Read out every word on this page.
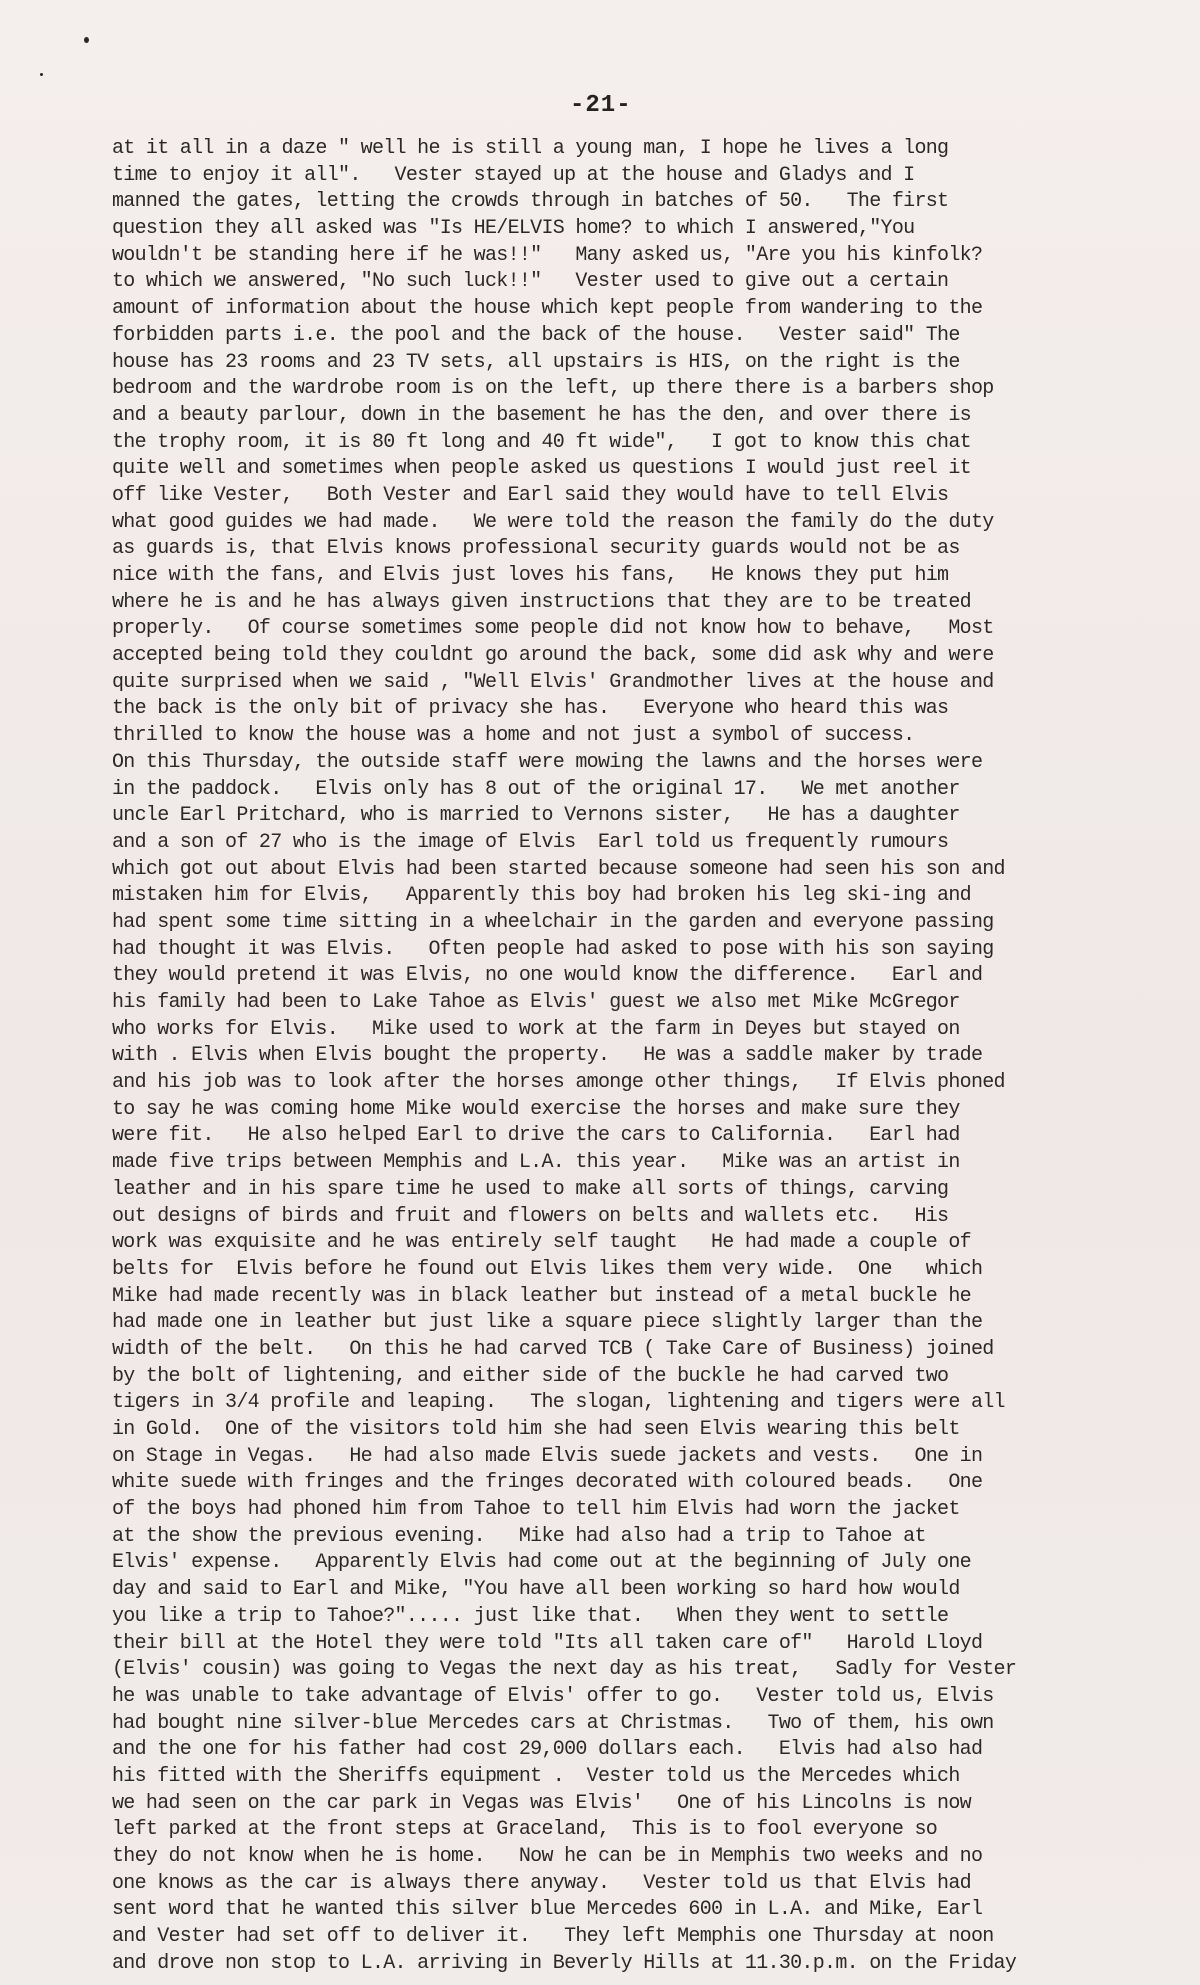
-21-
at it all in a daze " well he is still a young man, I hope he lives a long
time to enjoy it all".   Vester stayed up at the house and Gladys and I
manned the gates, letting the crowds through in batches of 50.   The first
question they all asked was "Is HE/ELVIS home? to which I answered,"You
wouldn't be standing here if he was!!"   Many asked us, "Are you his kinfolk?
to which we answered, "No such luck!!"   Vester used to give out a certain
amount of information about the house which kept people from wandering to the
forbidden parts i.e. the pool and the back of the house.   Vester said" The
house has 23 rooms and 23 TV sets, all upstairs is HIS, on the right is the
bedroom and the wardrobe room is on the left, up there there is a barbers shop
and a beauty parlour, down in the basement he has the den, and over there is
the trophy room, it is 80 ft long and 40 ft wide",   I got to know this chat
quite well and sometimes when people asked us questions I would just reel it
off like Vester,   Both Vester and Earl said they would have to tell Elvis
what good guides we had made.   We were told the reason the family do the duty
as guards is, that Elvis knows professional security guards would not be as
nice with the fans, and Elvis just loves his fans,   He knows they put him
where he is and he has always given instructions that they are to be treated
properly.   Of course sometimes some people did not know how to behave,   Most
accepted being told they couldnt go around the back, some did ask why and were
quite surprised when we said , "Well Elvis' Grandmother lives at the house and
the back is the only bit of privacy she has.   Everyone who heard this was
thrilled to know the house was a home and not just a symbol of success.
On this Thursday, the outside staff were mowing the lawns and the horses were
in the paddock.   Elvis only has 8 out of the original 17.   We met another
uncle Earl Pritchard, who is married to Vernons sister,   He has a daughter
and a son of 27 who is the image of Elvis  Earl told us frequently rumours
which got out about Elvis had been started because someone had seen his son and
mistaken him for Elvis,   Apparently this boy had broken his leg ski-ing and
had spent some time sitting in a wheelchair in the garden and everyone passing
had thought it was Elvis.   Often people had asked to pose with his son saying
they would pretend it was Elvis, no one would know the difference.   Earl and
his family had been to Lake Tahoe as Elvis' guest we also met Mike McGregor
who works for Elvis.   Mike used to work at the farm in Deyes but stayed on
with . Elvis when Elvis bought the property.   He was a saddle maker by trade
and his job was to look after the horses amonge other things,   If Elvis phoned
to say he was coming home Mike would exercise the horses and make sure they
were fit.   He also helped Earl to drive the cars to California.   Earl had
made five trips between Memphis and L.A. this year.   Mike was an artist in
leather and in his spare time he used to make all sorts of things, carving
out designs of birds and fruit and flowers on belts and wallets etc.   His
work was exquisite and he was entirely self taught   He had made a couple of
belts for  Elvis before he found out Elvis likes them very wide.  One   which
Mike had made recently was in black leather but instead of a metal buckle he
had made one in leather but just like a square piece slightly larger than the
width of the belt.   On this he had carved TCB ( Take Care of Business) joined
by the bolt of lightening, and either side of the buckle he had carved two
tigers in 3/4 profile and leaping.   The slogan, lightening and tigers were all
in Gold.  One of the visitors told him she had seen Elvis wearing this belt
on Stage in Vegas.   He had also made Elvis suede jackets and vests.   One in
white suede with fringes and the fringes decorated with coloured beads.   One
of the boys had phoned him from Tahoe to tell him Elvis had worn the jacket
at the show the previous evening.   Mike had also had a trip to Tahoe at
Elvis' expense.   Apparently Elvis had come out at the beginning of July one
day and said to Earl and Mike, "You have all been working so hard how would
you like a trip to Tahoe?"..... just like that.   When they went to settle
their bill at the Hotel they were told "Its all taken care of"   Harold Lloyd
(Elvis' cousin) was going to Vegas the next day as his treat,   Sadly for Vester
he was unable to take advantage of Elvis' offer to go.   Vester told us, Elvis
had bought nine silver-blue Mercedes cars at Christmas.   Two of them, his own
and the one for his father had cost 29,000 dollars each.   Elvis had also had
his fitted with the Sheriffs equipment .  Vester told us the Mercedes which
we had seen on the car park in Vegas was Elvis'   One of his Lincolns is now
left parked at the front steps at Graceland,  This is to fool everyone so
they do not know when he is home.   Now he can be in Memphis two weeks and no
one knows as the car is always there anyway.   Vester told us that Elvis had
sent word that he wanted this silver blue Mercedes 600 in L.A. and Mike, Earl
and Vester had set off to deliver it.   They left Memphis one Thursday at noon
and drove non stop to L.A. arriving in Beverly Hills at 11.30.p.m. on the Friday
